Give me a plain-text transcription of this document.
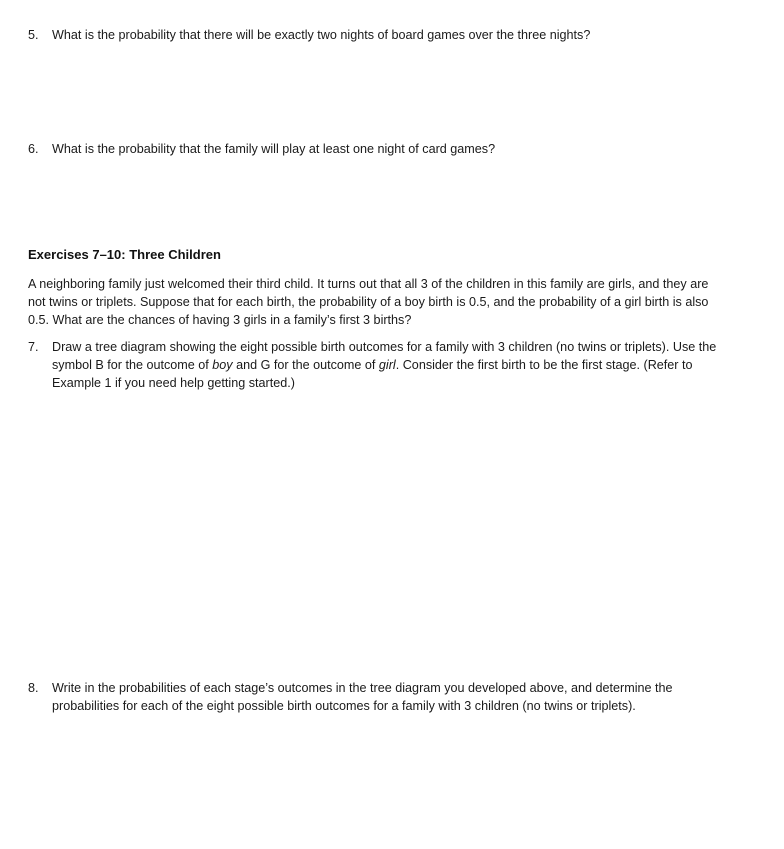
5.	What is the probability that there will be exactly two nights of board games over the three nights?
6.	What is the probability that the family will play at least one night of card games?
Exercises 7–10: Three Children
A neighboring family just welcomed their third child. It turns out that all 3 of the children in this family are girls, and they are not twins or triplets. Suppose that for each birth, the probability of a boy birth is 0.5, and the probability of a girl birth is also 0.5. What are the chances of having 3 girls in a family’s first 3 births?
7.	Draw a tree diagram showing the eight possible birth outcomes for a family with 3 children (no twins or triplets). Use the symbol B for the outcome of boy and G for the outcome of girl. Consider the first birth to be the first stage. (Refer to Example 1 if you need help getting started.)
8.	Write in the probabilities of each stage’s outcomes in the tree diagram you developed above, and determine the probabilities for each of the eight possible birth outcomes for a family with 3 children (no twins or triplets).
